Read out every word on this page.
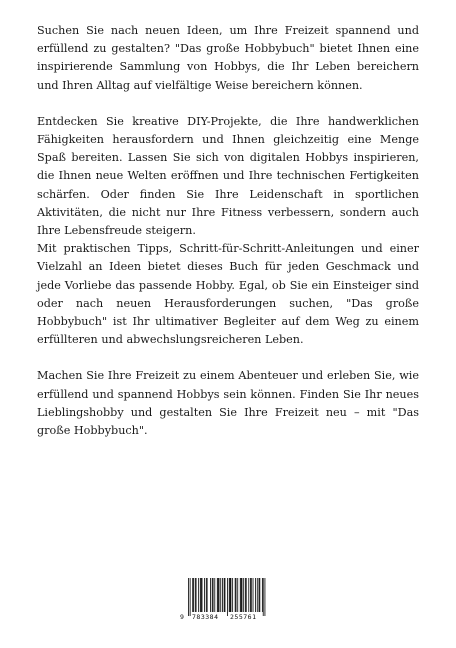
Suchen Sie nach neuen Ideen, um Ihre Freizeit spannend und erfüllend zu gestalten? "Das große Hobbybuch" bietet Ihnen eine inspirierende Sammlung von Hobbys, die Ihr Leben bereichern und Ihren Alltag auf vielfältige Weise bereichern können.

Entdecken Sie kreative DIY-Projekte, die Ihre handwerklichen Fähigkeiten herausfordern und Ihnen gleichzeitig eine Menge Spaß bereiten. Lassen Sie sich von digitalen Hobbys inspirieren, die Ihnen neue Welten eröffnen und Ihre technischen Fertigkeiten schärfen. Oder finden Sie Ihre Leidenschaft in sportlichen Aktivitäten, die nicht nur Ihre Fitness verbessern, sondern auch Ihre Lebensfreude steigern.

Mit praktischen Tipps, Schritt-für-Schritt-Anleitungen und einer Vielzahl an Ideen bietet dieses Buch für jeden Geschmack und jede Vorliebe das passende Hobby. Egal, ob Sie ein Einsteiger sind oder nach neuen Herausforderungen suchen, "Das große Hobbybuch" ist Ihr ultimativer Begleiter auf dem Weg zu einem erfüllteren und abwechslungsreicheren Leben.

Machen Sie Ihre Freizeit zu einem Abenteuer und erleben Sie, wie erfüllend und spannend Hobbys sein können. Finden Sie Ihr neues Lieblingshobby und gestalten Sie Ihre Freizeit neu – mit "Das große Hobbybuch".

9 783384 255761
